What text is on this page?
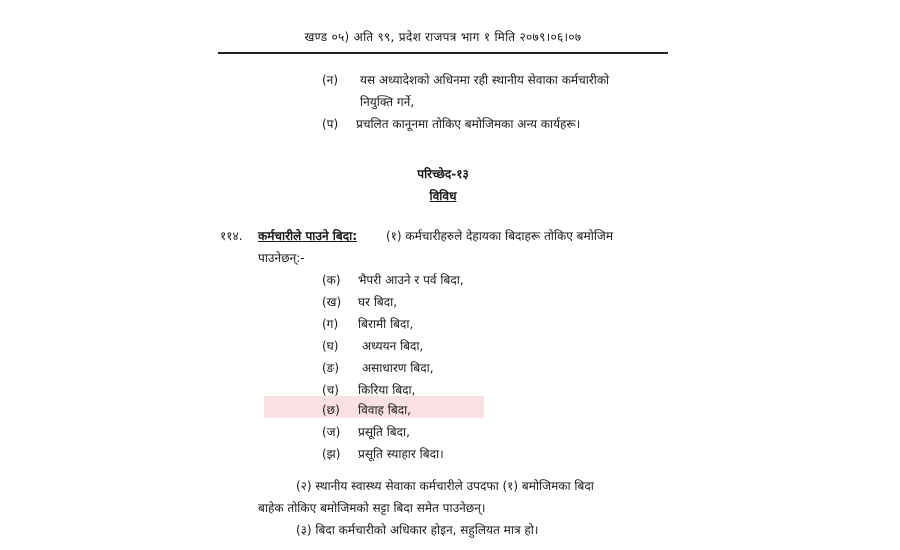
खण्ड ०५) अति ९९, प्रदेश राजपत्र भाग १ मिति २०७९।०६।०७
(न) यस अध्यादेशको अधिनमा रही स्थानीय सेवाका कर्मचारीको
नियुक्ति गर्ने,
(प) प्रचलित कानूनमा तोकिए बमोजिमका अन्य कार्यहरू।
परिच्छेद-१३
विविध
११४. कर्मचारीले पाउने बिदा: (१) कर्मचारीहरुले देहायका बिदाहरू तोकिए बमोजिम
पाउनेछन्:-
(क) भैपरी आउने र पर्व बिदा,
(ख) घर बिदा,
(ग) बिरामी बिदा,
(घ) अध्ययन बिदा,
(ङ) असाधारण बिदा,
(च) किरिया बिदा,
(छ) विवाह बिदा,
(ज) प्रसूति बिदा,
(झ) प्रसूति स्याहार बिदा।
(२) स्थानीय स्वास्थ्य सेवाका कर्मचारीले उपदफा (१) बमोजिमका बिदा
बाहेक तोकिए बमोजिमको सट्टा बिदा समेत पाउनेछन्।
(३) बिदा कर्मचारीको अधिकार होइन, सहुलियत मात्र हो।
